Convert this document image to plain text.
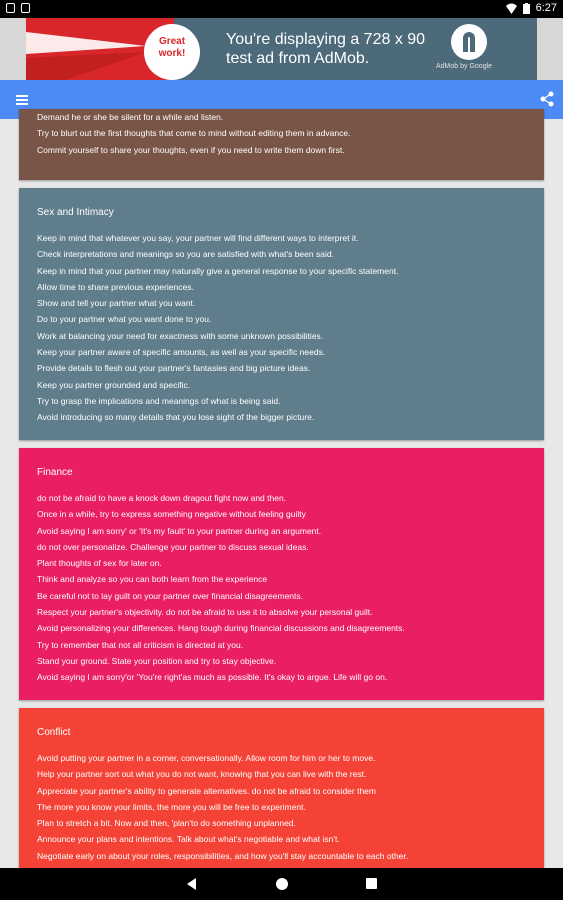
6:27
Great work!
You're displaying a 728 x 90
test ad from AdMob.	AdMob by Google

Demand he or she be silent for a while and listen.

Try to blurt out the first thoughts that come to mind without editing them in advance.

Commit yourself to share your thoughts, even if you need to write them down first.

Sex and Intimacy

Keep in mind that whatever you say, your partner will find different ways to interpret it.

Check interpretations and meanings so you are satisfied with what's been said.

Keep in mind that your partner may naturally give a general response to your specific statement.

Allow time to share previous experiences.

Show and tell your partner what you want.

Do to your partner what you want done to you.

Work at balancing your need for exactness with some unknown possibilities.

Keep your partner aware of specific amounts, as well as your specific needs.

Provide details to flesh out your partner's fantasies and big picture ideas.

Keep you partner grounded and specific.

Try to grasp the implications and meanings of what is being said.

Avoid introducing so many details that you lose sight of the bigger picture.

Finance

do not be afraid to have a knock down dragout fight now and then.

Once in a while, try to express something negative without feeling guilty

Avoid saying I am sorry' or 'It's my fault' to your partner during an argument.

do not over personalize. Challenge your partner to discuss sexual ideas.

Plant thoughts of sex for later on.

Think and analyze so you can both learn from the experience

Be careful not to lay guilt on your partner over financial disagreements.

Respect your partner's objectivity. do not be afraid to use it to absolve your personal guilt.

Avoid personalizing your differences. Hang tough during financial discussions and disagreements.

Try to remember that not all criticism is directed at you.

Stand your ground. State your position and try to stay objective.

Avoid saying I am sorry'or 'You're right'as much as possible. It's okay to argue. Life will go on.

Conflict

Avoid putting your partner in a corner, conversationally. Allow room for him or her to move.

Help your partner sort out what you do not want, knowing that you can live with the rest.

Appreciate your partner's ability to generate alternatives. do not be afraid to consider them

The more you know your limits, the more you will be free to experiment.

Plan to stretch a bit. Now and then, 'plan'to do something unplanned.

Announce your plans and intentions. Talk about what's negotiable and what isn't.

Negotiate early on about your roles, responsibilities, and how you'll stay accountable to each other.
